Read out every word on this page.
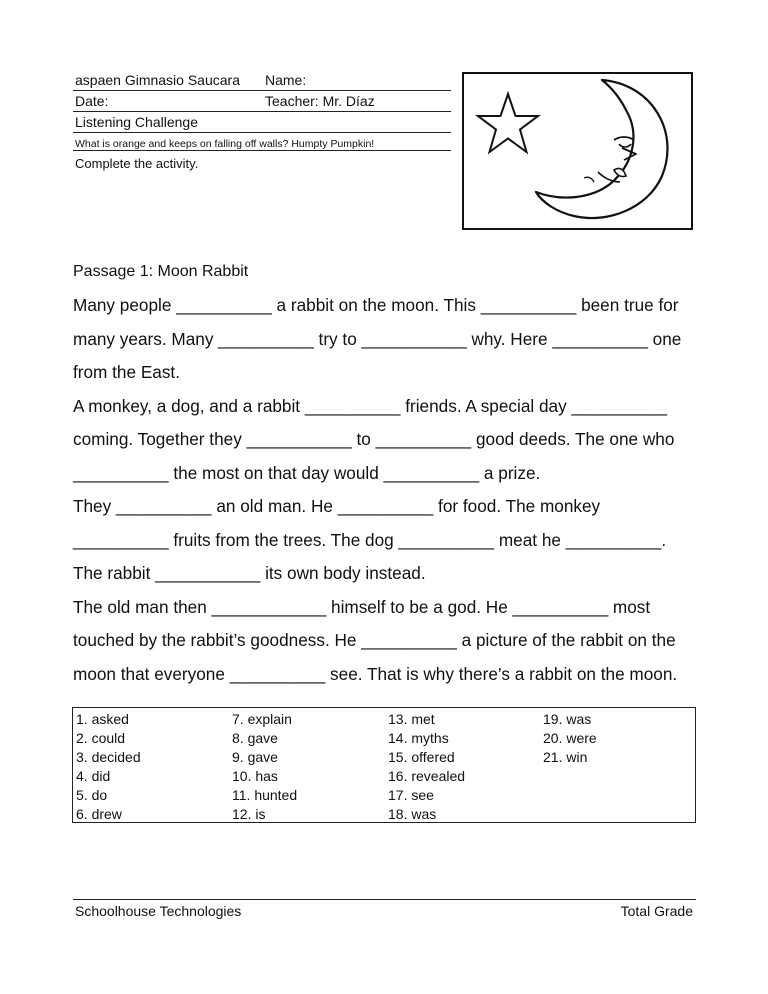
aspaen Gimnasio Saucara Name:
Date:	Teacher: Mr. Díaz
Listening Challenge
What is orange and keeps on falling off walls? Humpty Pumpkin!
Complete the activity.
Passage 1: Moon Rabbit
Many people __________ a rabbit on the moon. This __________ been true for
many years. Many __________ try to ___________ why. Here __________ one
from the East.
A monkey, a dog, and a rabbit __________ friends. A special day __________
coming. Together they ___________ to __________ good deeds. The one who
__________ the most on that day would __________ a prize.
They __________ an old man. He __________ for food. The monkey
__________ fruits from the trees. The dog __________ meat he __________.
The rabbit ___________ its own body instead.
The old man then ____________ himself to be a god. He __________ most
touched by the rabbit’s goodness. He __________ a picture of the rabbit on the
moon that everyone __________ see. That is why there’s a rabbit on the moon.
1. asked
2. could
3. decided
4. did
5. do
6. drew
7. explain
8. gave
9. gave
10. has
11. hunted
12. is
13. met
14. myths
15. offered
16. revealed
17. see
18. was
19. was
20. were
21. win
Schoolhouse Technologies	Total Grade
